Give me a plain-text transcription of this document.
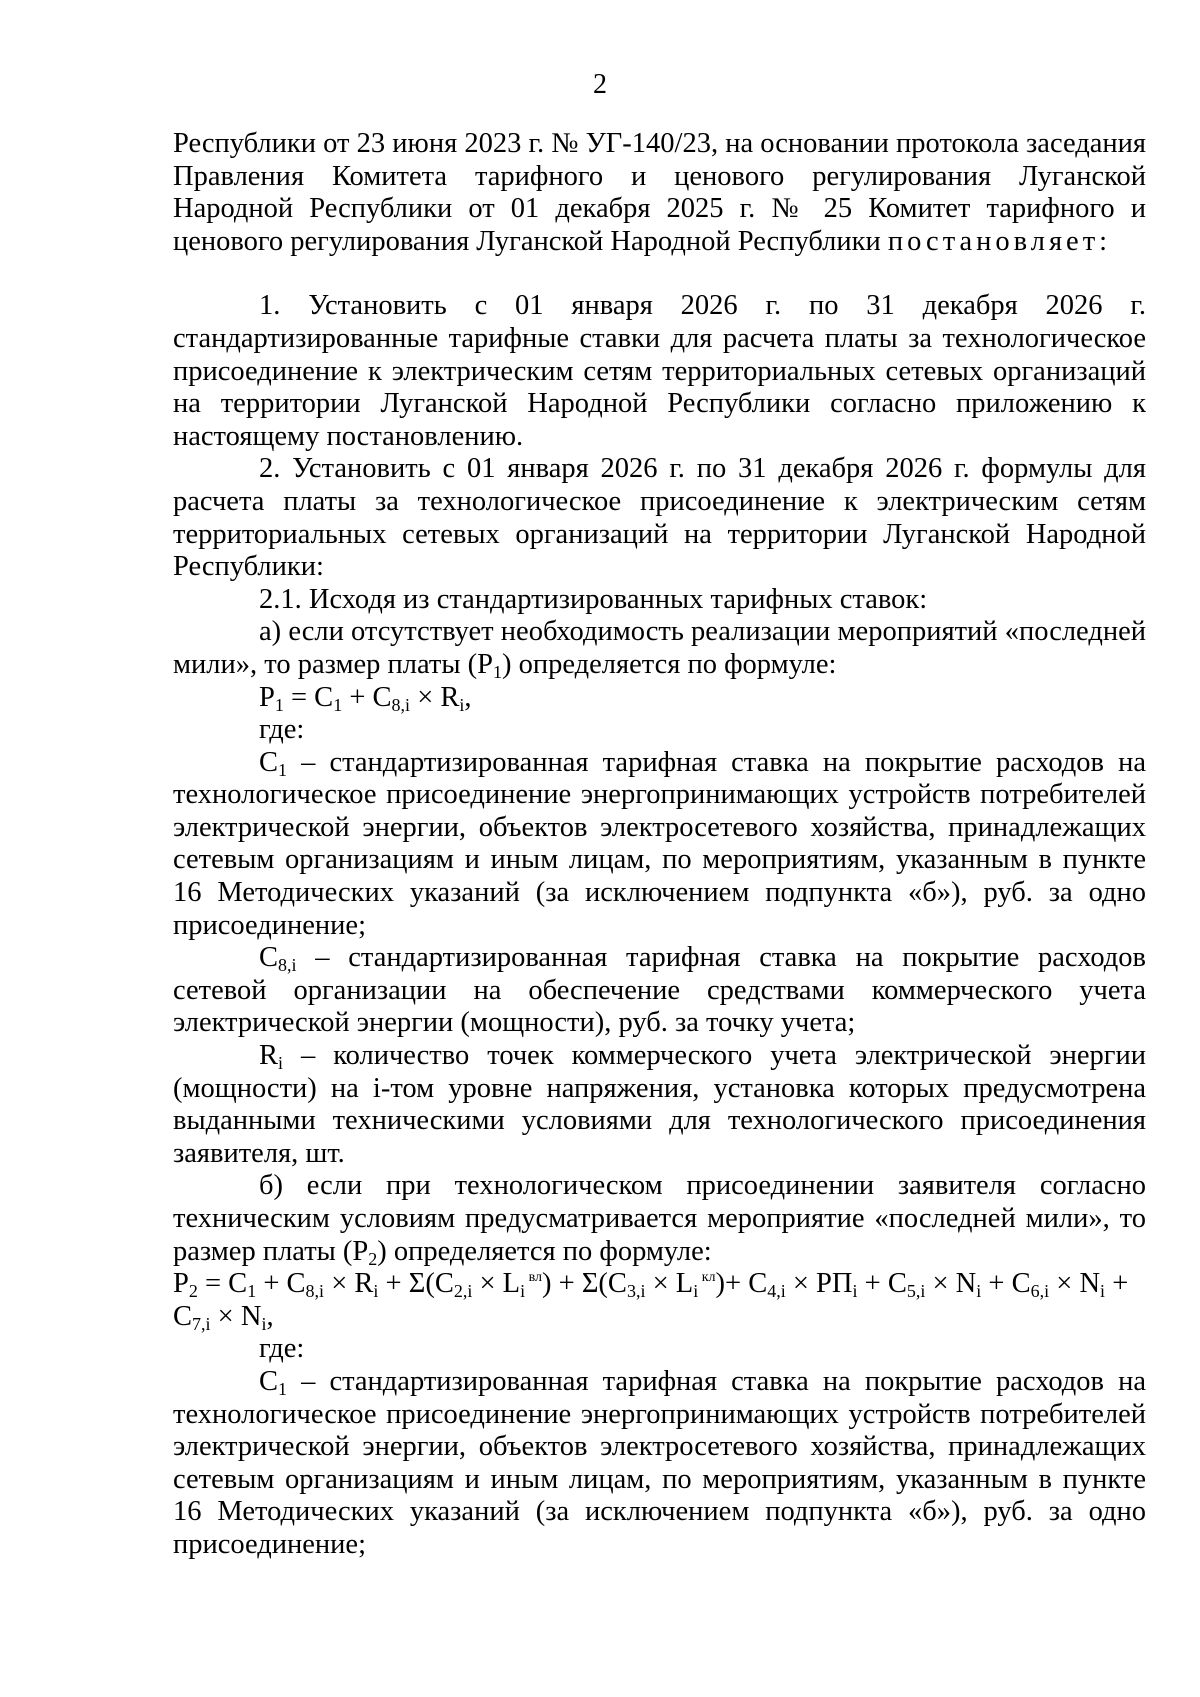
2

Республики от 23 июня 2023 г. № УГ-140/23, на основании протокола заседания Правления Комитета тарифного и ценового регулирования Луганской Народной Республики от 01 декабря 2025 г. № 25 Комитет тарифного и ценового регулирования Луганской Народной Республики постановляет:

1. Установить с 01 января 2026 г. по 31 декабря 2026 г. стандартизированные тарифные ставки для расчета платы за технологическое присоединение к электрическим сетям территориальных сетевых организаций на территории Луганской Народной Республики согласно приложению к настоящему постановлению.

2. Установить с 01 января 2026 г. по 31 декабря 2026 г. формулы для расчета платы за технологическое присоединение к электрическим сетям территориальных сетевых организаций на территории Луганской Народной Республики:

2.1. Исходя из стандартизированных тарифных ставок:

а) если отсутствует необходимость реализации мероприятий «последней мили», то размер платы $(P_1)$ определяется по формуле:

$P_1 = C_1 + C_{8,i} \times R_i$,

где:

$C_1$ – стандартизированная тарифная ставка на покрытие расходов на технологическое присоединение энергопринимающих устройств потребителей электрической энергии, объектов электросетевого хозяйства, принадлежащих сетевым организациям и иным лицам, по мероприятиям, указанным в пункте 16 Методических указаний (за исключением подпункта «б»), руб. за одно присоединение;

$C_{8,i}$ – стандартизированная тарифная ставка на покрытие расходов сетевой организации на обеспечение средствами коммерческого учета электрической энергии (мощности), руб. за точку учета;

$R_i$ – количество точек коммерческого учета электрической энергии (мощности) на i-том уровне напряжения, установка которых предусмотрена выданными техническими условиями для технологического присоединения заявителя, шт.

б) если при технологическом присоединении заявителя согласно техническим условиям предусматривается мероприятие «последней мили», то размер платы $(P_2)$ определяется по формуле:

$P_2 = C_1 + C_{8,i} \times R_i + \Sigma(C_{2,i} \times L_i$ $^{вл}) + \Sigma(C_{3,i} \times L_i$ $^{кл})+ C_{4,i} \times РП_i + C_{5,i} \times N_i + C_{6,i} \times N_i + C_{7,i} \times N_i$,

где:

$C_1$ – стандартизированная тарифная ставка на покрытие расходов на технологическое присоединение энергопринимающих устройств потребителей электрической энергии, объектов электросетевого хозяйства, принадлежащих сетевым организациям и иным лицам, по мероприятиям, указанным в пункте 16 Методических указаний (за исключением подпункта «б»), руб. за одно присоединение;
